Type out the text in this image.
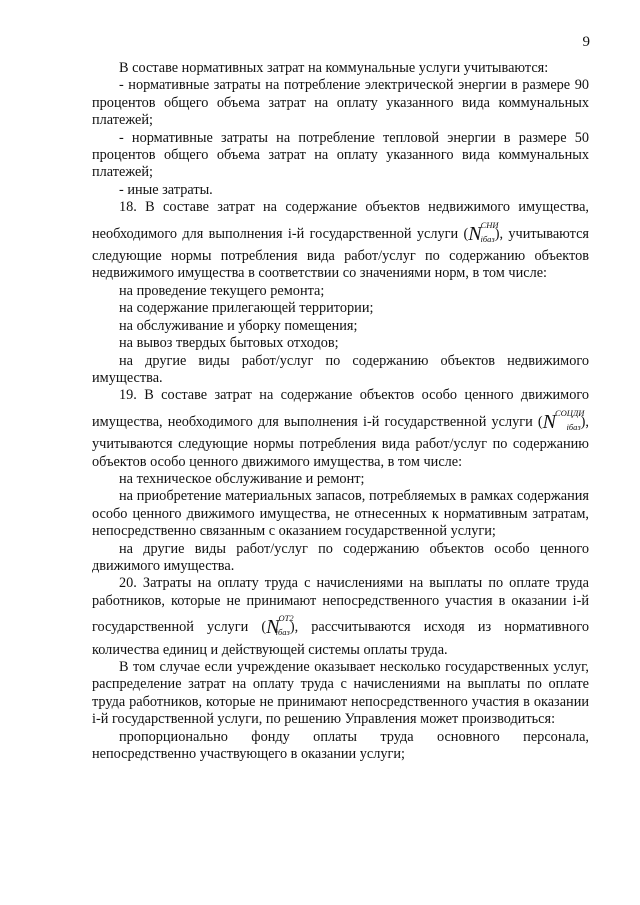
9

В составе нормативных затрат на коммунальные услуги учитываются:

- нормативные затраты на потребление электрической энергии в размере 90 процентов общего объема затрат на оплату указанного вида коммунальных платежей;

- нормативные затраты на потребление тепловой энергии в размере 50 процентов общего объема затрат на оплату указанного вида коммунальных платежей;

- иные затраты.

18. В составе затрат на содержание объектов недвижимого имущества, необходимого для выполнения i-й государственной услуги $(N^{СНИ}_{iбаз})$, учитываются следующие нормы потребления вида работ/услуг по содержанию объектов недвижимого имущества в соответствии со значениями норм, в том числе:

на проведение текущего ремонта;

на содержание прилегающей территории;

на обслуживание и уборку помещения;

на вывоз твердых бытовых отходов;

на другие виды работ/услуг по содержанию объектов недвижимого имущества.

19. В составе затрат на содержание объектов особо ценного движимого имущества, необходимого для выполнения i-й государственной услуги $(N^{СОЦДИ}_{iбаз})$, учитываются следующие нормы потребления вида работ/услуг по содержанию объектов особо ценного движимого имущества, в том числе:

на техническое обслуживание и ремонт;

на приобретение материальных запасов, потребляемых в рамках содержания особо ценного движимого имущества, не отнесенных к нормативным затратам, непосредственно связанным с оказанием государственной услуги;

на другие виды работ/услуг по содержанию объектов особо ценного движимого имущества.

20. Затраты на оплату труда с начислениями на выплаты по оплате труда работников, которые не принимают непосредственного участия в оказании i-й государственной услуги $(N^{ОТ2}_{iбаз})$, рассчитываются исходя из нормативного количества единиц и действующей системы оплаты труда.

В том случае если учреждение оказывает несколько государственных услуг, распределение затрат на оплату труда с начислениями на выплаты по оплате труда работников, которые не принимают непосредственного участия в оказании i-й государственной услуги, по решению Управления может производиться:

пропорционально фонду оплаты труда основного персонала, непосредственно участвующего в оказании услуги;
